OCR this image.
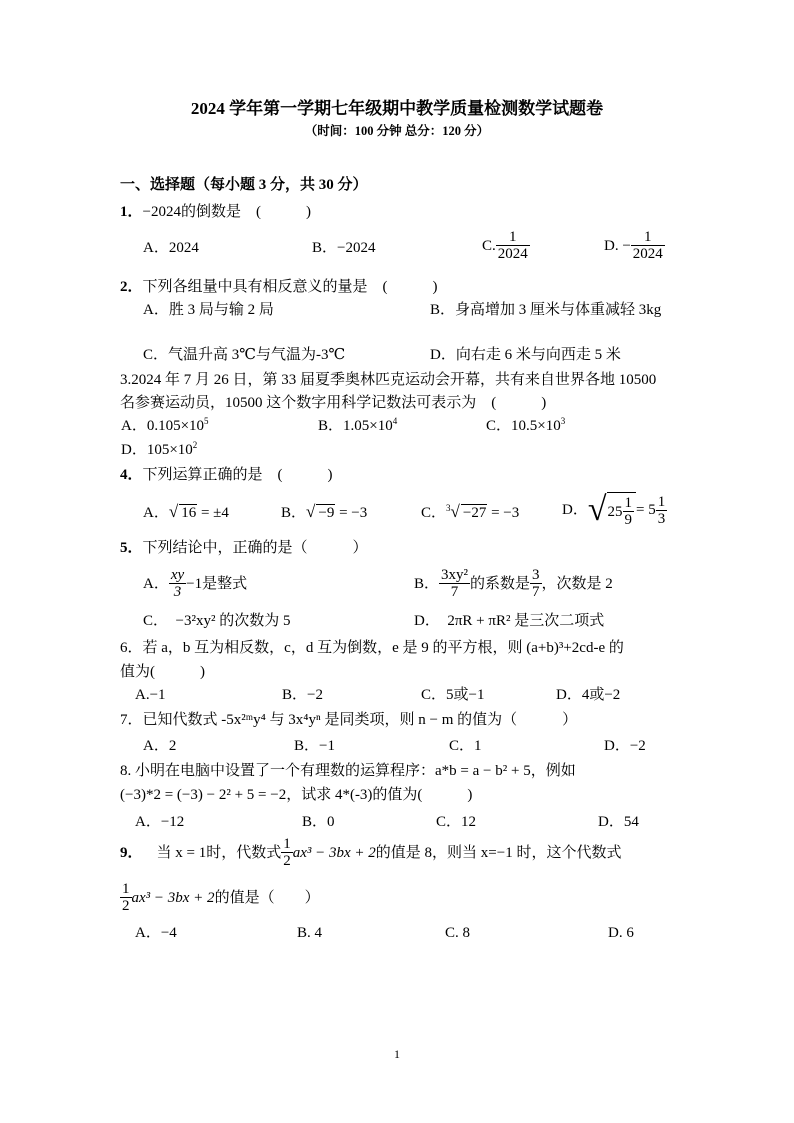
2024 学年第一学期七年级期中教学质量检测数学试题卷
（时间：100 分钟 总分：120 分）
一、选择题（每小题 3 分，共 30 分）
1．−2024的倒数是　(　　　)
A．2024	B．−2024	C. $\frac{1}{2024}$	D. − $\frac{1}{2024}$
2．下列各组量中具有相反意义的量是　(　　　)
A．胜 3 局与输 2 局	B．身高增加 3 厘米与体重减轻 3kg
C．气温升高 3℃与气温为-3℃	D．向右走 6 米与向西走 5 米
3.2024 年 7 月 26 日，第 33 届夏季奥林匹克运动会开幕，共有来自世界各地 10500
名参赛运动员，10500 这个数字用科学记数法可表示为　(　　　)
A．$0.105\times 10^5$	B．$1.05\times 10^4$	C．$10.5\times 10^3$
D．$105\times 10^2$
4．下列运算正确的是　(　　　)
A．√ 16 = ±4	B．√ −9 = −3	C．$^3$√ −27 = −3	D． √ $25 \frac{1}{9} = 5 \frac{1}{3}$
5．下列结论中，正确的是（　　　）
A． $\frac{xy}{3} -1$是整式	B． $\frac{\text{3xy²}}{7}$ 的系数是 $\frac{3}{7}$ ，次数是 2
C．　−3²xy² 的次数为 5	D．　2πR + πR² 是三次二项式
6．若 a，b 互为相反数，c，d 互为倒数，e 是 9 的平方根，则 (a+b)³+2cd-e 的
值为(　　　)
A.−1	B．−2	C．5或−1	D．4或−2
7．已知代数式 -5x²ᵐy⁴ 与 3x⁴yⁿ 是同类项，则 n − m 的值为（　　　）
A．2	B．−1	C．1	D．−2
8. 小明在电脑中设置了一个有理数的运算程序：a*b = a − b² + 5，例如
(−3)*2 = (−3) − 2² + 5 = −2，试求 4*(-3)的值为(　　　)
A．−12	B．0	C．12	D．54
9． 当 x = 1时，代数式 $\frac{1}{2} ax^3 - 3bx + 2$ 的值是 8，则当 x=−1 时，这个代数式
$\frac{1}{2} ax^3 - 3bx + 2$ 的值是（　　）
A．−4	B. 4	C. 8	D. 6
1
